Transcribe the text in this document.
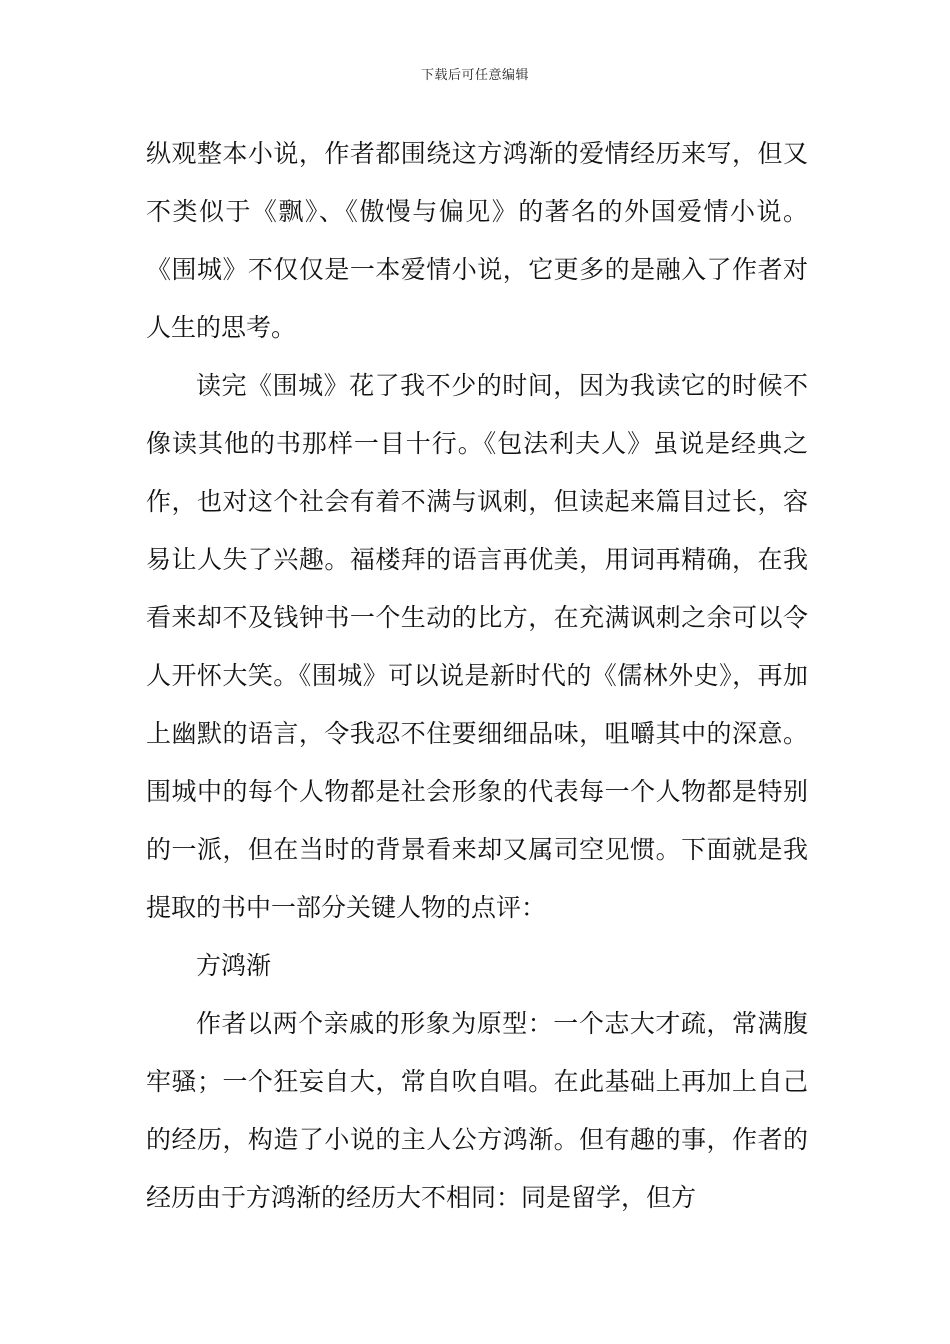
下载后可任意编辑

纵观整本小说，作者都围绕这方鸿渐的爱情经历来写，但又不类似于《飘》、《傲慢与偏见》的著名的外国爱情小说。《围城》不仅仅是一本爱情小说，它更多的是融入了作者对人生的思考。

读完《围城》花了我不少的时间，因为我读它的时候不像读其他的书那样一目十行。《包法利夫人》虽说是经典之作，也对这个社会有着不满与讽刺，但读起来篇目过长，容易让人失了兴趣。福楼拜的语言再优美，用词再精确，在我看来却不及钱钟书一个生动的比方，在充满讽刺之余可以令人开怀大笑。《围城》可以说是新时代的《儒林外史》，再加上幽默的语言，令我忍不住要细细品味，咀嚼其中的深意。围城中的每个人物都是社会形象的代表每一个人物都是特别的一派，但在当时的背景看来却又属司空见惯。下面就是我提取的书中一部分关键人物的点评：

方鸿渐

作者以两个亲戚的形象为原型：一个志大才疏，常满腹牢骚；一个狂妄自大，常自吹自唱。在此基础上再加上自己的经历，构造了小说的主人公方鸿渐。但有趣的事，作者的经历由于方鸿渐的经历大不相同：同是留学，但方
